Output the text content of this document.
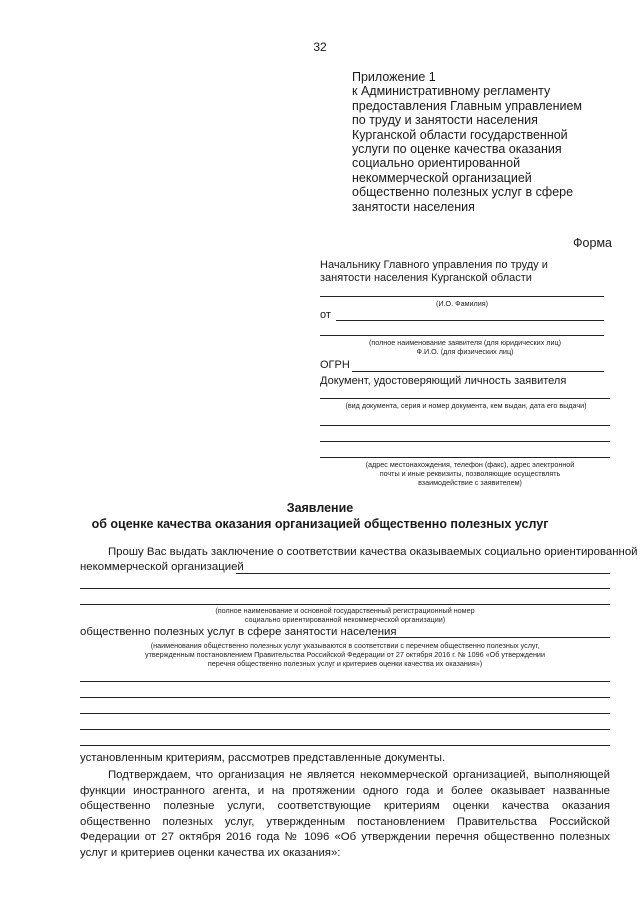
32
Приложение 1
к Административному регламенту
предоставления Главным управлением
по труду и занятости населения
Курганской области государственной
услуги по оценке качества оказания
социально ориентированной
некоммерческой организацией
общественно полезных услуг в сфере
занятости населения
Форма
Начальнику Главного управления по труду и
занятости населения Курганской области
(И.О. Фамилия)
от
(полное наименование заявителя (для юридических лиц)
Ф.И.О. (для физических лиц)
ОГРН
Документ, удостоверяющий личность заявителя
(вид документа, серия и номер документа, кем выдан, дата его выдачи)
(адрес местонахождения, телефон (факс), адрес электронной
почты и иные реквизиты, позволяющие осуществлять
взаимодействие с заявителем)
Заявление
об оценке качества оказания организацией общественно полезных услуг
Прошу Вас выдать заключение о соответствии качества оказываемых социально ориентированной
некоммерческой организацией
(полное наименование и основной государственный регистрационный номер
социально ориентированной некоммерческой организации)
общественно полезных услуг в сфере занятости населения
(наименования общественно полезных услуг указываются в соответствии с перечнем общественно полезных услуг,
утвержденным постановлением Правительства Российской Федерации от 27 октября 2016 г. № 1096 «Об утверждении
перечня общественно полезных услуг и критериев оценки качества их оказания»)
установленным критериям, рассмотрев представленные документы.
Подтверждаем, что организация не является некоммерческой организацией, выполняющей функции иностранного агента, и на протяжении одного года и более оказывает названные общественно полезные услуги, соответствующие критериям оценки качества оказания общественно полезных услуг, утвержденным постановлением Правительства Российской Федерации от 27 октября 2016 года № 1096 «Об утверждении перечня общественно полезных услуг и критериев оценки качества их оказания»:
